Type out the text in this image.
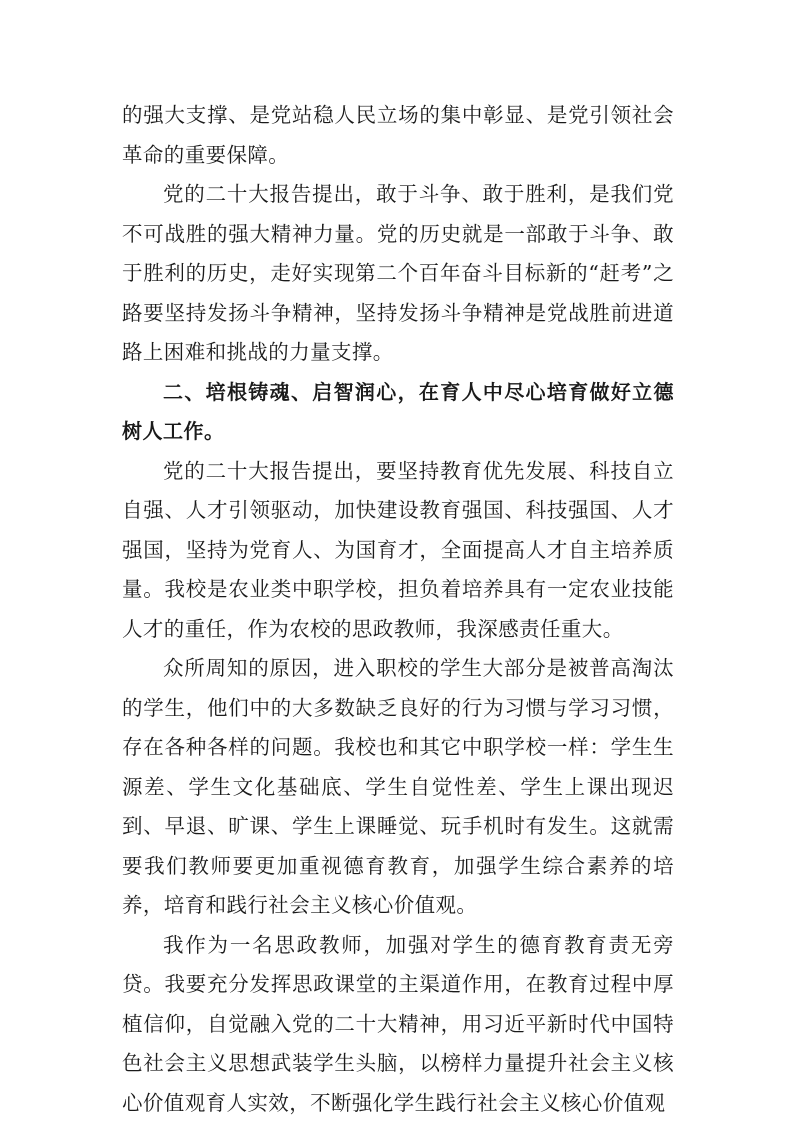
的强大支撑、是党站稳人民立场的集中彰显、是党引领社会革命的重要保障。

党的二十大报告提出，敢于斗争、敢于胜利，是我们党不可战胜的强大精神力量。党的历史就是一部敢于斗争、敢于胜利的历史，走好实现第二个百年奋斗目标新的“赶考”之路要坚持发扬斗争精神，坚持发扬斗争精神是党战胜前进道路上困难和挑战的力量支撑。

二、培根铸魂、启智润心，在育人中尽心培育做好立德树人工作。

党的二十大报告提出，要坚持教育优先发展、科技自立自强、人才引领驱动，加快建设教育强国、科技强国、人才强国，坚持为党育人、为国育才，全面提高人才自主培养质量。我校是农业类中职学校，担负着培养具有一定农业技能人才的重任，作为农校的思政教师，我深感责任重大。

众所周知的原因，进入职校的学生大部分是被普高淘汰的学生，他们中的大多数缺乏良好的行为习惯与学习习惯，存在各种各样的问题。我校也和其它中职学校一样：学生生源差、学生文化基础底、学生自觉性差、学生上课出现迟到、早退、旷课、学生上课睡觉、玩手机时有发生。这就需要我们教师要更加重视德育教育，加强学生综合素养的培养，培育和践行社会主义核心价值观。

我作为一名思政教师，加强对学生的德育教育责无旁贷。我要充分发挥思政课堂的主渠道作用，在教育过程中厚植信仰，自觉融入党的二十大精神，用习近平新时代中国特色社会主义思想武装学生头脑，以榜样力量提升社会主义核心价值观育人实效，不断强化学生践行社会主义核心价值观
